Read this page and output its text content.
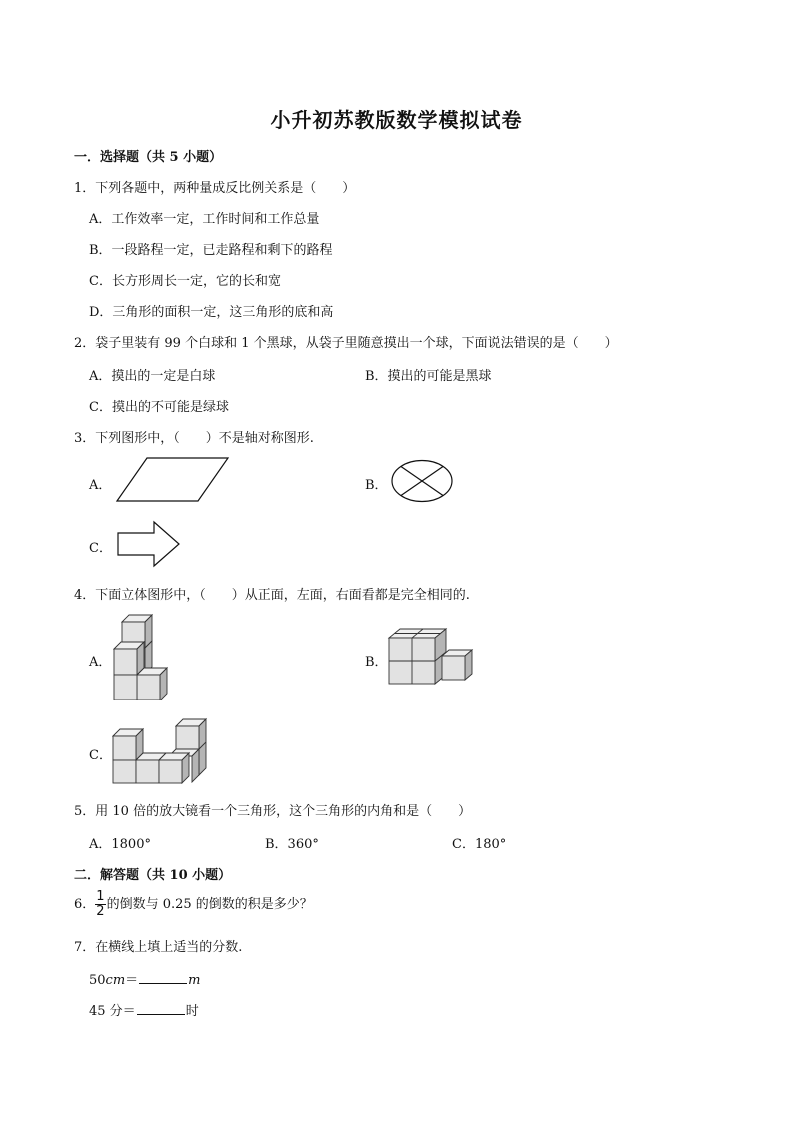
小升初苏教版数学模拟试卷
一．选择题（共 5 小题）
1．下列各题中，两种量成反比例关系是（　　）
A．工作效率一定，工作时间和工作总量
B．一段路程一定，已走路程和剩下的路程
C．长方形周长一定，它的长和宽
D．三角形的面积一定，这三角形的底和高
2．袋子里装有 99 个白球和 1 个黑球，从袋子里随意摸出一个球，下面说法错误的是（　　）
A．摸出的一定是白球	B．摸出的可能是黑球
C．摸出的不可能是绿球
3．下列图形中，（　　）不是轴对称图形.
A．	B．
C．
4．下面立体图形中，（　　）从正面，左面，右面看都是完全相同的.
A．	B．
C．
5．用 10 倍的放大镜看一个三角形，这个三角形的内角和是（　　）
A．1800°	B．360°	C．180°
二．解答题（共 10 小题）
6． $\frac{1}{2}$ 的倒数与 0.25 的倒数的积是多少？
7．在横线上填上适当的分数.
50cm＝	m
45 分＝	时
